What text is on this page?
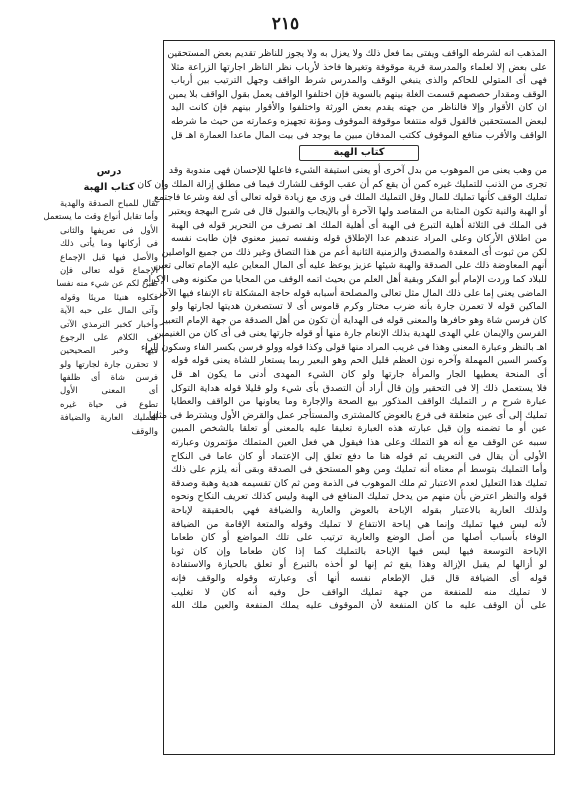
٢١٥
المذهب انه لشرطه الواقف ويفتى بما فعل ذلك ولا يعزل به ولا يجوز للناظر تقديم بعض المستحقين
على بعض إلا لعلماء والمدرسة قرية موقوفة وتغيرها فاخذ لأرباب نظر الناظر اجارتها الزراعة مثلا
فهى أى المتولي للحاكم والذى ينبغي الوقف والمدرس شرط الواقف وجهل الترتيب بين أرباب
الوقف ومقدار حصصهم قسمت الغلة بينهم بالسوية فإن اختلفوا الواقف يعمل بقول الواقف بلا يمين
ان كان الأقوار وإلا فالناظر من جهته يقدم بعض الورثة واختلفوا والأقوار بينهم فإن كانت اليد
لبعض المستحقين فالقول قوله منتفعا موقوفة الموقوف ومؤنة تجهيزه وعمارته من حيث ما شرطه
الواقف والأقرب منافع الموقوف ككتب المدفان مبين ما يوجد فى بيت المال ماعدا العمارة اهـ قل
كتاب الهبة
من وهب يعنى من الموهوب من بدل آخرى أو يعنى استيفة الشيء فاعلها للإحسان فهى مندوبة وقد
تجرى من الذنب للتمليك غيره كمن أن يقع كم أن عقب الوقف للشارك فيما فى مطلق إزالة الملك وإن كان
تمليك الوقف كأنها تمليك للمال وقل التمليك الملك فى وزى مع زيادة قوله تعالى أى لغة وشرعا فاجتمع
أو الهبة والنية تكون المثابة من المقاصد ولها الآخرة أو بالإيجاب والقبول قال فى شرح البهجة ويعتبر
فى الملك فى الثلاثة أهلية التبرع فى الهبة أى أهلية الملك اهـ تصرف من التحرير قوله فى الهبة
من اطلاق الأركان وعلى المراد عندهم عدا الإطلاق قوله ونفسه تمييز معنوي فإن طابت نفسه
لكن من ثبوت أى المعقدة والمصدق والزمنية الثانية أعم من هذا التصاق وغير ذلك من جميع الواصلين
أنهم المعاوضة ذلك على الصدقة والهبة شيئها عزيز يوعظ عليه أى المال المعاين عليه الإمام تعالى تعين
للبلاد كما وردت الإمام أبو الفكر وبقية أهل العلم من بحيث اتمه الوقف من المحايا من مكنونه وهى الإكرام
الماضى يعنى إما على ذلك المال مثل تعالى والمصلحة أسبابه قوله حاجة المشكلة تاء الإنفاء فيها الآخر
الماكين قوله لا تعمرن جارة بأنه ضرب مختار وكرم قاموس أى لا تستصغرن هديتها لجارتها ولو
كان فرسن شاة وهو حافرها والمعنى قوله فى الهداية أن تكون من أهل الصدقة من جهة الإمام التعبير
الفرسن والإيمان علي الهدى للهدية بذلك الإنعام جارة منها أو قوله جارتها يعنى فى أى كان من الغنيمين
اهـ بالنظر وعبارة المعنى وهذا فى غريب المراد منها قولى وكذا قوله وولو فرسن بكسر الفاء وسكون الراء
وكسر السين المهملة وآخره نون العظم قليل الحم وهو البعير ربما يستعار للشاة يعنى قوله قوله
أى المنحة يعطيها الجار والمرأة جارتها ولو كان الشيء المهدى أدنى ما يكون اهـ قل
فلا يستعمل ذلك إلا فى التحقير وإن قال أراد أن التصدق بأى شيء ولو قليلا قوله هداية التوكل
عبارة شرح م ر التمليك الواقف المذكور بيع الصحة والإجارة وما يعاونها من الواقف والعطايا
تمليك إلى أى عين متعلقة فى فرع بالعوض كالمشترى والمستأجر عمل والقرض الأول ويشترط فى مثلها
عين أو ما تضمنه وإن قيل عبارته هذه العبارة تعليقا عليه بالمعنى أو تعلقا بالشخص المبين
سببه عن الوقف مع أنه هو التملك وعلى هذا فيقول هي فعل العين المتملك مؤتمرون وعبارته
الأولى أن يقال فى التعريف ثم قوله هنا ما دفع تعلق إلى الإعتماد أو كان عاما فى النكاح
وأما التمليك بتوسط أم معناه أنه تمليك ومن وهو المستحق فى الصدقة وبقى أنه يلزم على ذلك
تمليك هذا التعليل لعدم الاعتبار ثم ملك الموهوب فى الذمة ومن ثم كان تقسيمه هدية وهبة وصدقة
قوله والنظر اعترض بأن منهم من يدخل تمليك المنافع فى الهبة وليس كذلك تعريف النكاح ونحوه
ولذلك العارية بالاعتبار بقوله الإباحة بالعوض والعارية والضيافة فهي بالحقيقة لإباحة
لأنه ليس فيها تمليك وإنما هي إباحة الانتفاع لا تمليك وقوله والمتعة الإقامة من الضيافة
الوفاء بأسباب أصلها من أصل الوضع والعارية ترتيب على تلك المواضع أو كان طعاما
الإباحة التوسعة فيها ليس فيها الإباحة بالتمليك كما إذا كان طعاما وإن كان ثوبا
لو أزالها لم يقبل الإزالة وهذا يقع ثم إنها لو أخذه بالتبرع أو تعلق بالحيازة والاستفادة
قوله أى الضيافة قال قبل الإطعام نفسه أنها أى وعبارته وقوله والوقف فإنه
لا تمليك منه للمنفعة من جهة تمليك الواقف حل وفيه أنه كان لا تغليب
على أن الوقف عليه ما كان المنفعة لأن الموقوف عليه يملك المنفعة والعين ملك الله
درس
كتاب الهبة
تقال للمباح الصدقة والهدية
وأما تقابل أنواع وقت ما يستعمل
الأول فى تعريفها والثانى
فى أركانها وما يأتى ذلك
والأصل فيها قبل الإجماع
الإجماع قوله تعالى فإن
طبن لكم عن شيء منه نفسا
فكلوه هنيئا مريئا وقوله
وآتى المال على حبه الآية
وأخبار كخبر الترمذي الآتى
فى الكلام على الرجوع
فيها وخبر الصحيحين
لا تحقرن جارة لجارتها ولو
فرسن شاة أى ظلفها
أى المعنى الأول
تطوع فى حياة غيره
التمليك العارية والضيافة
والوقف
